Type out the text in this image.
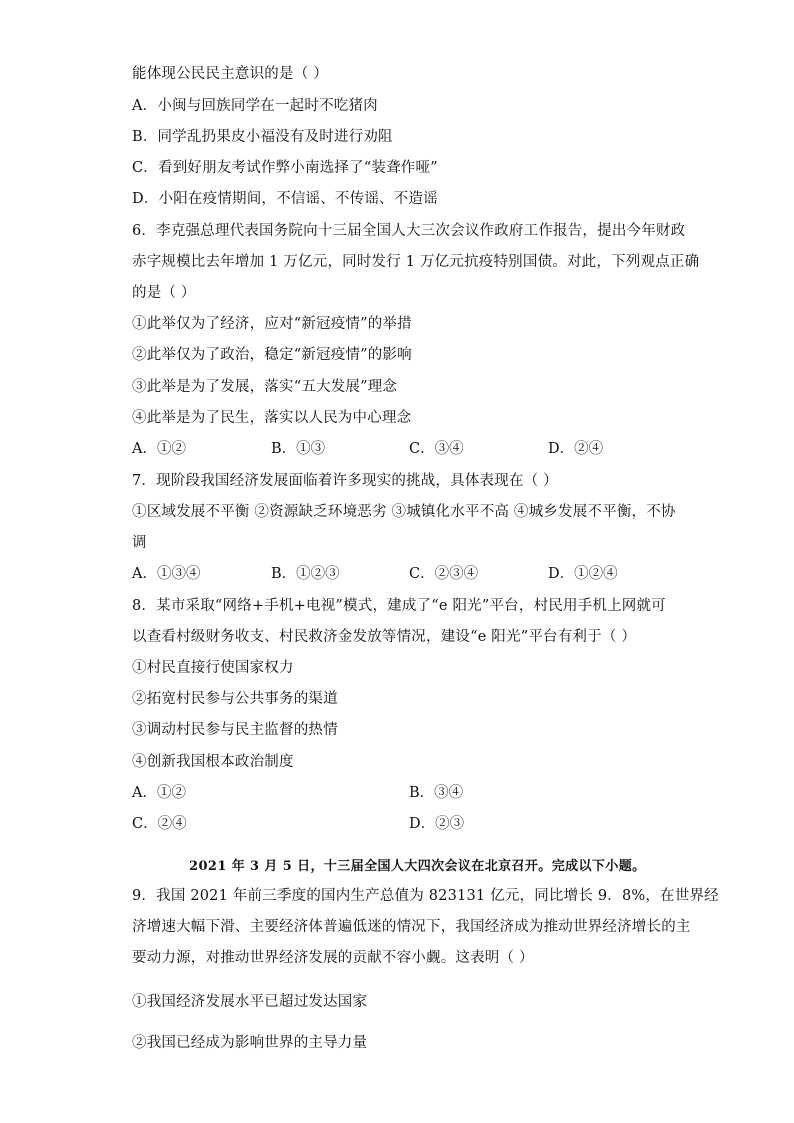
能体现公民民主意识的是（ ）
A．小闽与回族同学在一起时不吃猪肉
B．同学乱扔果皮小福没有及时进行劝阻
C．看到好朋友考试作弊小南选择了“装聋作哑”
D．小阳在疫情期间，不信谣、不传谣、不造谣
6．李克强总理代表国务院向十三届全国人大三次会议作政府工作报告，提出今年财政
赤字规模比去年增加 1 万亿元，同时发行 1 万亿元抗疫特别国债。对此，下列观点正确
的是（ ）
①此举仅为了经济，应对“新冠疫情”的举措
②此举仅为了政治，稳定“新冠疫情”的影响
③此举是为了发展，落实“五大发展”理念
④此举是为了民生，落实以人民为中心理念
A．①②	B．①③	C．③④	D．②④
7．现阶段我国经济发展面临着许多现实的挑战，具体表现在（ ）
①区域发展不平衡 ②资源缺乏环境恶劣 ③城镇化水平不高 ④城乡发展不平衡，不协
调
A．①③④	B．①②③	C．②③④	D．①②④
8．某市采取“网络+手机+电视”模式，建成了“e 阳光”平台，村民用手机上网就可
以查看村级财务收支、村民救济金发放等情况，建设“e 阳光”平台有利于（ ）
①村民直接行使国家权力
②拓宽村民参与公共事务的渠道
③调动村民参与民主监督的热情
④创新我国根本政治制度
A．①②	B．③④
C．②④	D．②③
2021 年 3 月 5 日，十三届全国人大四次会议在北京召开。完成以下小题。
9．我国 2021 年前三季度的国内生产总值为 823131 亿元，同比增长 9．8%，在世界经
济增速大幅下滑、主要经济体普遍低迷的情况下，我国经济成为推动世界经济增长的主
要动力源，对推动世界经济发展的贡献不容小觑。这表明（ ）
①我国经济发展水平已超过发达国家
②我国已经成为影响世界的主导力量
